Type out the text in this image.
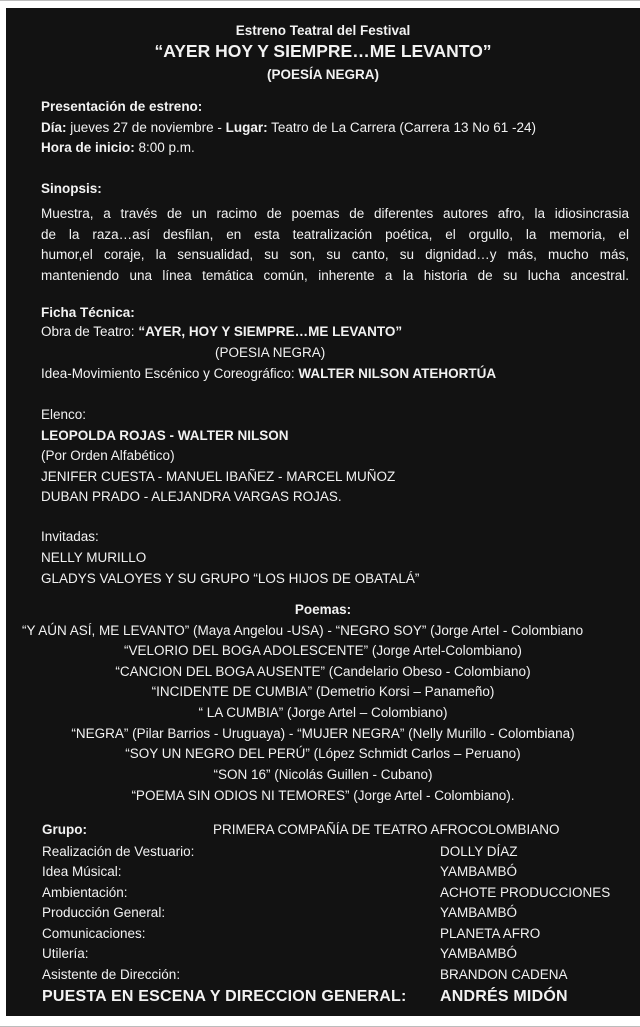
Estreno Teatral del Festival
“AYER HOY Y SIEMPRE…ME LEVANTO”
(POESÍA NEGRA)
Presentación de estreno:
Día: jueves 27 de noviembre - Lugar: Teatro de La Carrera (Carrera 13 No 61 -24)
Hora de inicio: 8:00 p.m.
Sinopsis:
Muestra, a través de un racimo de poemas de diferentes autores afro, la idiosincrasia
de la raza…así desfilan, en esta teatralización poética, el orgullo, la memoria, el
humor,el coraje, la sensualidad, su son, su canto, su dignidad…y más, mucho más,
manteniendo una línea temática común, inherente a la historia de su lucha ancestral.
Ficha Técnica:
Obra de Teatro: “AYER, HOY Y SIEMPRE…ME LEVANTO”
(POESIA NEGRA)
Idea-Movimiento Escénico y Coreográfico: WALTER NILSON ATEHORTÚA
Elenco:
LEOPOLDA ROJAS - WALTER NILSON
(Por Orden Alfabético)
JENIFER CUESTA - MANUEL IBAÑEZ - MARCEL MUÑOZ
DUBAN PRADO - ALEJANDRA VARGAS ROJAS.
Invitadas:
NELLY MURILLO
GLADYS VALOYES Y SU GRUPO “LOS HIJOS DE OBATALÁ”
Poemas:
“Y AÚN ASÍ, ME LEVANTO” (Maya Angelou -USA) - “NEGRO SOY” (Jorge Artel - Colombiano
“VELORIO DEL BOGA ADOLESCENTE” (Jorge Artel-Colombiano)
“CANCION DEL BOGA AUSENTE” (Candelario Obeso - Colombiano)
“INCIDENTE DE CUMBIA” (Demetrio Korsi – Panameño)
“ LA CUMBIA” (Jorge Artel – Colombiano)
“NEGRA” (Pilar Barrios - Uruguaya) - “MUJER NEGRA” (Nelly Murillo - Colombiana)
“SOY UN NEGRO DEL PERÚ” (López Schmidt Carlos – Peruano)
“SON 16” (Nicolás Guillen - Cubano)
“POEMA SIN ODIOS NI TEMORES” (Jorge Artel - Colombiano).
Grupo:	PRIMERA COMPAÑÍA DE TEATRO AFROCOLOMBIANO
Realización de Vestuario:	DOLLY DÍAZ
Idea Músical:	YAMBAMBÓ
Ambientación:	ACHOTE PRODUCCIONES
Producción General:	YAMBAMBÓ
Comunicaciones:	PLANETA AFRO
Utilería:	YAMBAMBÓ
Asistente de Dirección:	BRANDON CADENA
PUESTA EN ESCENA Y DIRECCION GENERAL: ANDRÉS MIDÓN
